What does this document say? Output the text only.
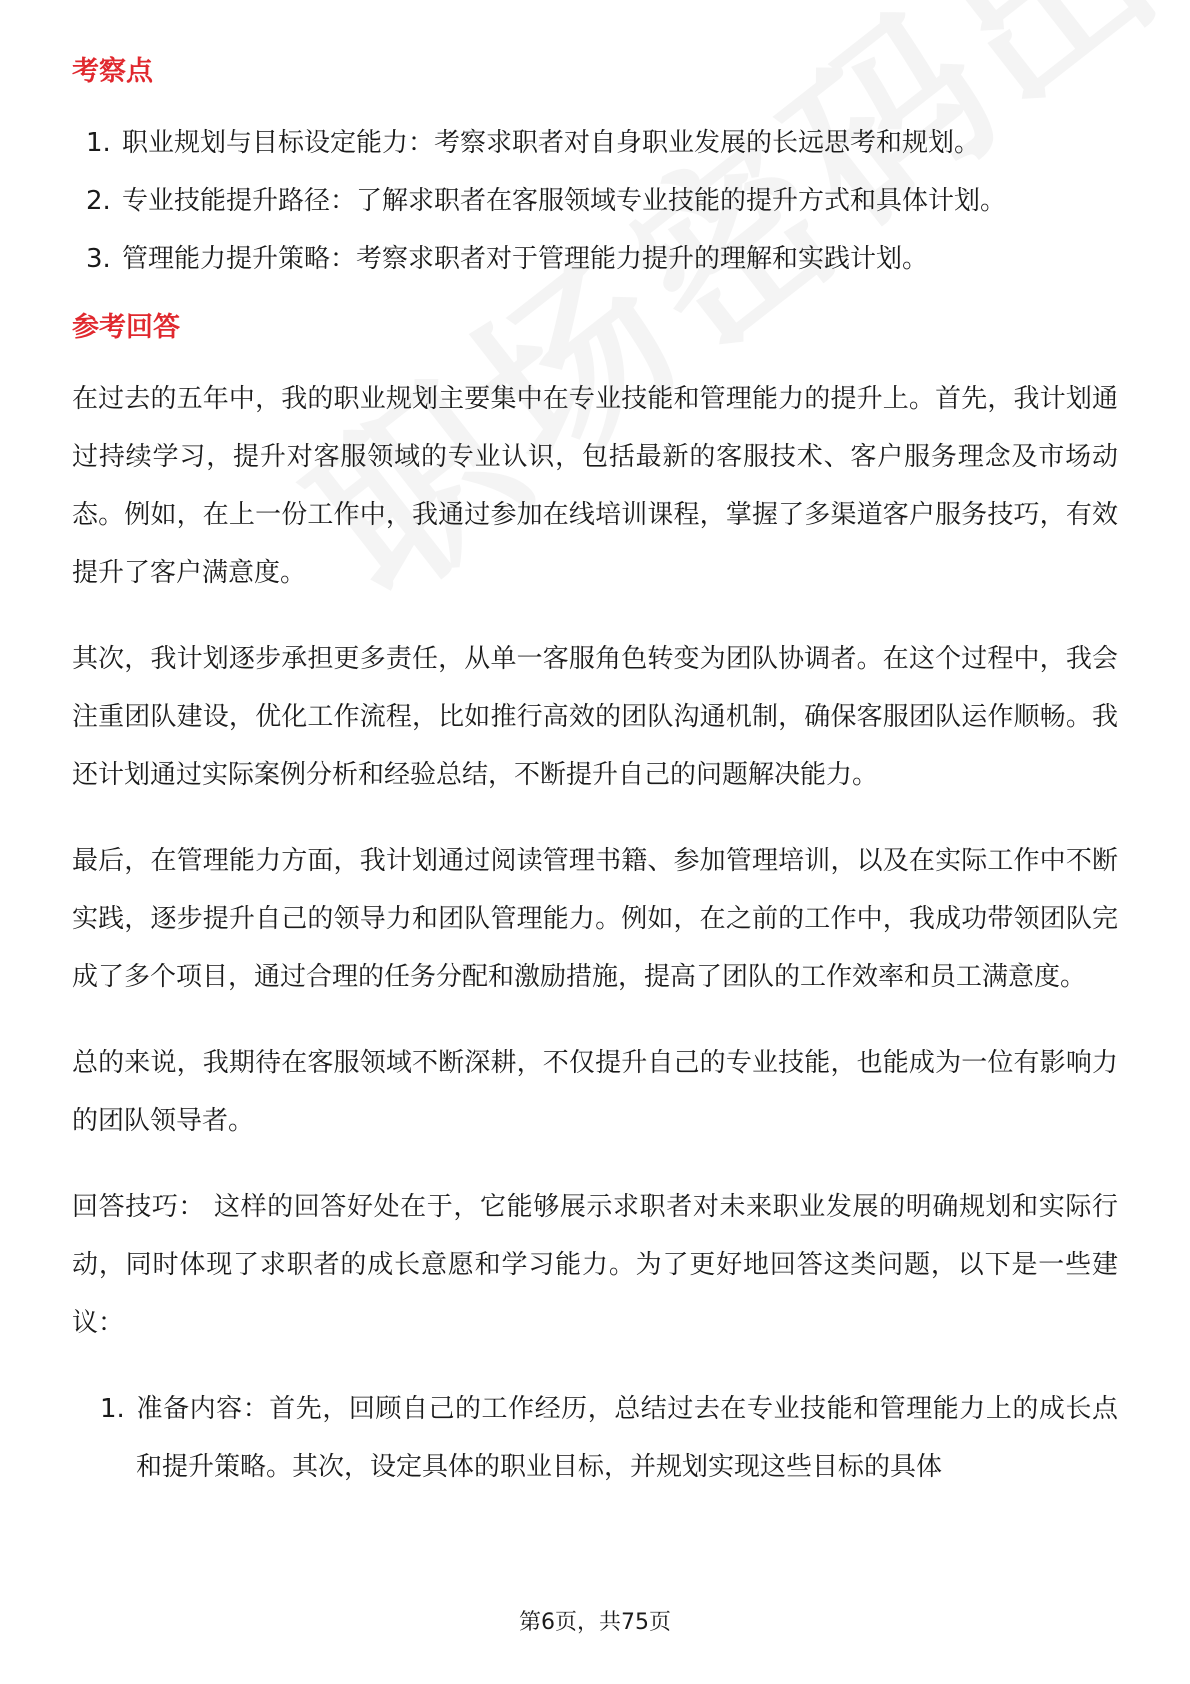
考察点
1. 职业规划与目标设定能力：考察求职者对自身职业发展的长远思考和规划。
2. 专业技能提升路径：了解求职者在客服领域专业技能的提升方式和具体计划。
3. 管理能力提升策略：考察求职者对于管理能力提升的理解和实践计划。
参考回答

在过去的五年中，我的职业规划主要集中在专业技能和管理能力的提升上。首先，我计划通过持续学习，提升对客服领域的专业认识，包括最新的客服技术、客户服务理念及市场动态。例如，在上一份工作中，我通过参加在线培训课程，掌握了多渠道客户服务技巧，有效提升了客户满意度。

其次，我计划逐步承担更多责任，从单一客服角色转变为团队协调者。在这个过程中，我会注重团队建设，优化工作流程，比如推行高效的团队沟通机制，确保客服团队运作顺畅。我还计划通过实际案例分析和经验总结，不断提升自己的问题解决能力。

最后，在管理能力方面，我计划通过阅读管理书籍、参加管理培训，以及在实际工作中不断实践，逐步提升自己的领导力和团队管理能力。例如，在之前的工作中，我成功带领团队完成了多个项目，通过合理的任务分配和激励措施，提高了团队的工作效率和员工满意度。

总的来说，我期待在客服领域不断深耕，不仅提升自己的专业技能，也能成为一位有影响力的团队领导者。

回答技巧： 这样的回答好处在于，它能够展示求职者对未来职业发展的明确规划和实际行动，同时体现了求职者的成长意愿和学习能力。为了更好地回答这类问题，以下是一些建议：

1. 准备内容：首先，回顾自己的工作经历，总结过去在专业技能和管理能力上的成长点和提升策略。其次，设定具体的职业目标，并规划实现这些目标的具体
第6页，共75页
